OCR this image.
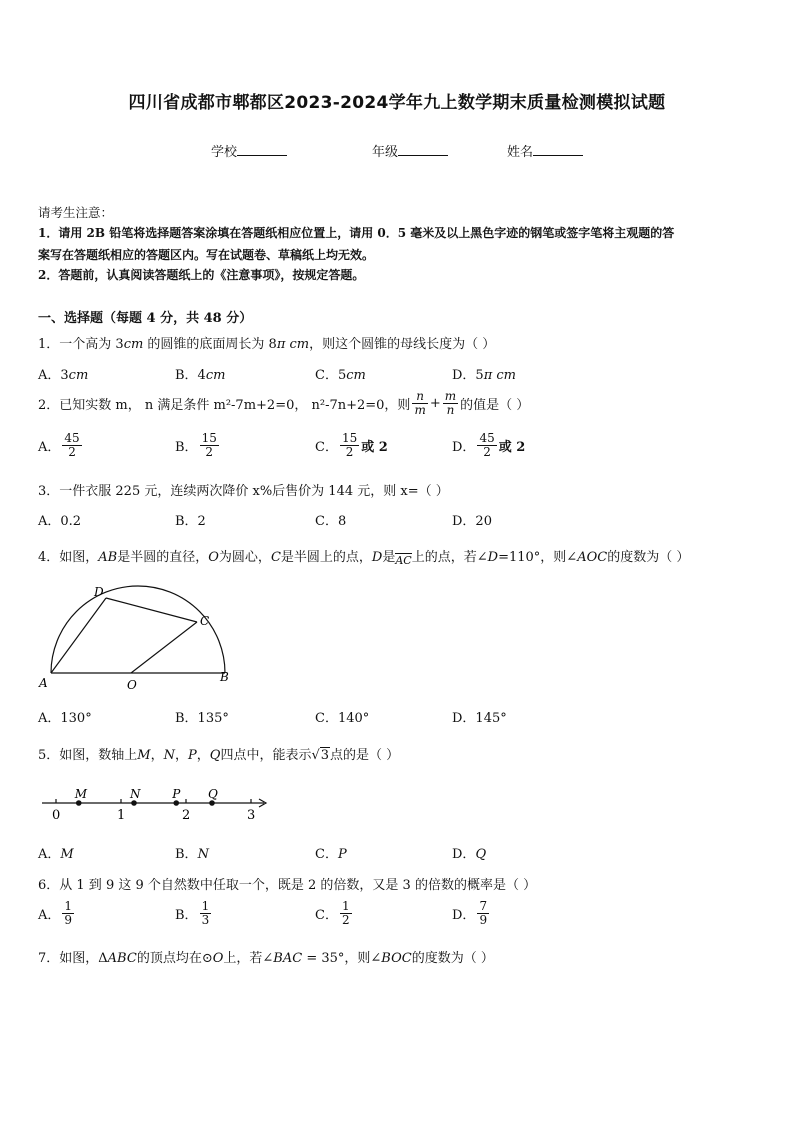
四川省成都市郫都区2023-2024学年九上数学期末质量检测模拟试题
学校	年级	姓名
请考生注意：
1．请用 2B 铅笔将选择题答案涂填在答题纸相应位置上，请用 0．5 毫米及以上黑色字迹的钢笔或签字笔将主观题的答
案写在答题纸相应的答题区内。写在试题卷、草稿纸上均无效。
2．答题前，认真阅读答题纸上的《注意事项》，按规定答题。
一、选择题（每题 4 分，共 48 分）
1．一个高为 3cm 的圆锥的底面周长为 8π cm，则这个圆锥的母线长度为（ ）
A．3cm	B．4cm	C．5cm	D．5π cm
2．已知实数 m， n 满足条件 m²-7m+2=0， n²-7n+2=0，则 $\frac{n}{m} + \frac{m}{n}$ 的值是（ ）
A． $\frac{45}{2}$	B． $\frac{15}{2}$	C． $\frac{15}{2}$ 或 2	D． $\frac{45}{2}$ 或 2
3．一件衣服 225 元，连续两次降价 x%后售价为 144 元，则 x=（ ）
A．0.2	B．2	C．8	D．20
4．如图，AB是半圆的直径，O为圆心，C是半圆上的点，D是$_{AC}$上的点，若∠D=110°，则∠AOC的度数为（ ）
A	B
C
D
O
A．130°	B．135°	C．140°	D．145°
5．如图，数轴上M，N，P，Q四点中，能表示√3点的是（ ）
0	1	2	3
M	N	P Q
A．M	B．N	C．P	D．Q
6．从 1 到 9 这 9 个自然数中任取一个，既是 2 的倍数，又是 3 的倍数的概率是（ ）
A． $\frac{1}{9}$	B． $\frac{1}{3}$	C． $\frac{1}{2}$	D． $\frac{7}{9}$
7．如图，ΔABC的顶点均在⊙O上，若∠BAC = 35°，则∠BOC的度数为（ ）
